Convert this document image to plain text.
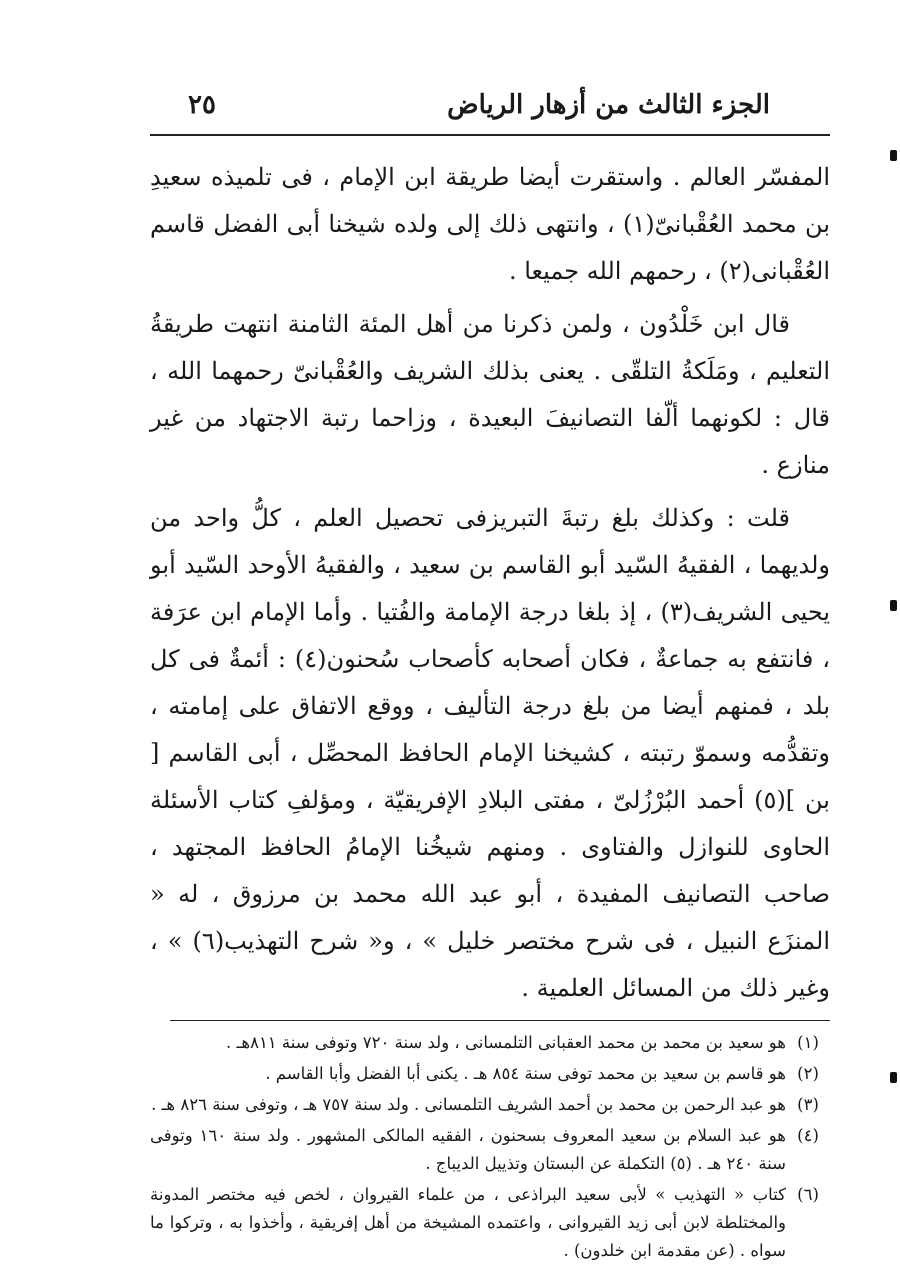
الجزء الثالث من أزهار الرياض
٢٥

المفسّر العالم . واستقرت أيضا طريقة ابن الإمام ، فى تلميذه سعيدِ بن محمد العُقْبانىّ(١) ، وانتهى ذلك إلى ولده شيخنا أبى الفضل قاسم العُقْبانى(٢) ، رحمهم الله جميعا .

قال ابن خَلْدُون ، ولمن ذكرنا من أهل المئة الثامنة انتهت طريقةُ التعليم ، ومَلَكةُ التلقّى . يعنى بذلك الشريف والعُقْبانىّ رحمهما الله ، قال : لكونهما ألّفا التصانيفَ البعيدة ، وزاحما رتبة الاجتهاد من غير منازع .

قلت : وكذلك بلغ رتبةَ التبريزفى تحصيل العلم ، كلُّ واحد من ولديهما ، الفقيهُ السّيد أبو القاسم بن سعيد ، والفقيهُ الأوحد السّيد أبو يحيى الشريف(٣) ، إذ بلغا درجة الإمامة والفُتيا . وأما الإمام ابن عرَفة ، فانتفع به جماعةٌ ، فكان أصحابه كأصحاب سُحنون(٤) : أئمةٌ فى كل بلد ، فمنهم أيضا من بلغ درجة التأليف ، ووقع الاتفاق على إمامته ، وتقدُّمه وسموّ رتبته ، كشيخنا الإمام الحافظ المحصِّل ، أبى القاسم [ بن ](٥) أحمد البُرْزُلىّ ، مفتى البلادِ الإفريقيّة ، ومؤلفِ كتاب الأسئلة الحاوى للنوازل والفتاوى . ومنهم شيخُنا الإمامُ الحافظ المجتهد ، صاحب التصانيف المفيدة ، أبو عبد الله محمد بن مرزوق ، له « المنزَع النبيل ، فى شرح مختصر خليل » ، و« شرح التهذيب(٦) » ، وغير ذلك من المسائل العلمية .

(١)
هو سعيد بن محمد بن محمد العقبانى التلمسانى ، ولد سنة ٧٢٠ وتوفى سنة ٨١١هـ .
(٢)
هو قاسم بن سعيد بن محمد توفى سنة ٨٥٤ هـ . يكنى أبا الفضل وأبا القاسم .
(٣)
هو عبد الرحمن بن محمد بن أحمد الشريف التلمسانى . ولد سنة ٧٥٧ هـ ، وتوفى سنة ٨٢٦ هـ .
(٤)
هو عبد السلام بن سعيد المعروف بسحنون ، الفقيه المالكى المشهور . ولد سنة ١٦٠ وتوفى سنة ٢٤٠ هـ . (٥) التكملة عن البستان وتذييل الديباج .
(٦)
كتاب « التهذيب » لأبى سعيد البراذعى ، من علماء القيروان ، لخص فيه مختصر المدونة والمختلطة لابن أبى زيد القيروانى ، واعتمده المشيخة من أهل إفريقية ، وأخذوا به ، وتركوا ما سواه . (عن مقدمة ابن خلدون) .
